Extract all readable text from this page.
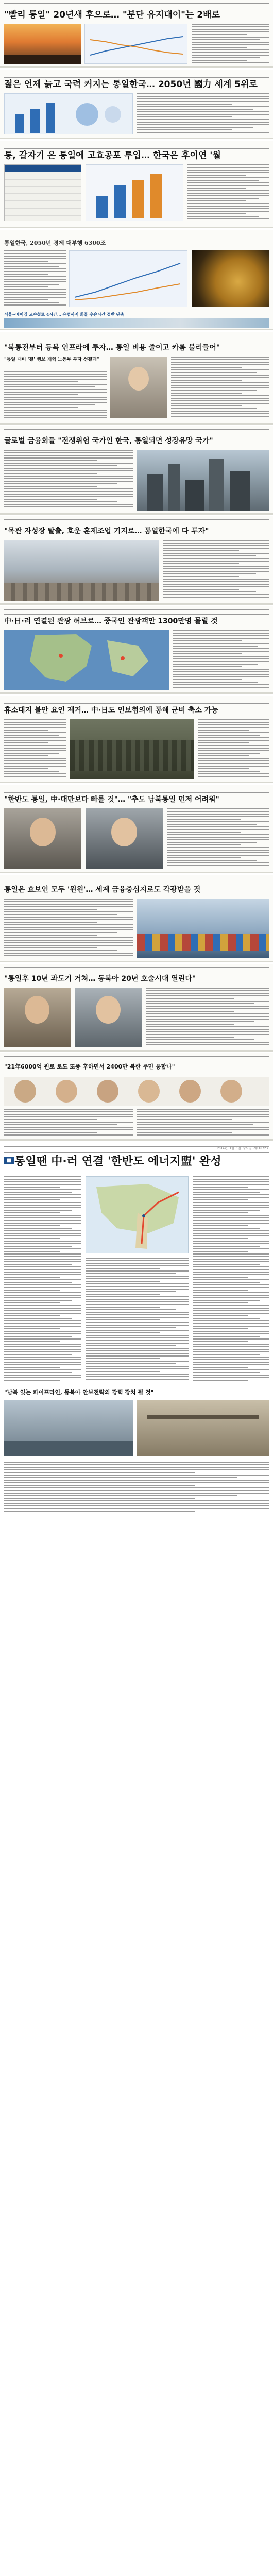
"빨리 통일" 20년새 후으로… "분단 유지대이"는 2배로
젊은 언제 늙고 국력 커지는 통일한국… 2050년 國力 세계 5위로
통, 갈자기 온 통일에 고효공포 투입… 한국은 후이연 '월
통일한국, 2050년 경제 대부행 6300조
서울~베이징 고속철로 4시간… 유럽까지 화물 수송시간 절반 단축
"북통전부터 등복 인프라에 투자… 통일 비용 줄이고 카롬 불리들어"
"통일 대비 '결' 행보 개혁 노동부 투자 선결돼"
글로벌 금융회들 "전쟁위험 국가인 한국, 통일되면 성장유망 국가"
"목관 자성장 탈출, 호운 훈제조업 기지로… 통일한국에 다 투자"
中·日·러 연결된 관광 허브로… 중국인 관광객만 1300만명 몰릴 것
휴소대지 불안 요인 제거… 中·日도 인보험의에 통해 군비 축소 가능
"한반도 통일, 中·대만보다 빠를 것"… "추도 남북통일 먼저 어려워"
통일은 효보인 모두 '원원'… 세계 금융중심지로도 각광받을 것
"통일후 10년 과도기 거쳐… 동북아 20년 호술시대 열린다"
"21年6000억 원로 로도 또풍 후하면서 2400만 북한 주민 통합나"
2014년 1월 1일 수요일 제11872호
■ 통일땐 中·러 연결 '한반도 에너지盟' 완성
"남북 잇는 파이프라인, 동북아 안보전략의 강력 장치 될 것"
